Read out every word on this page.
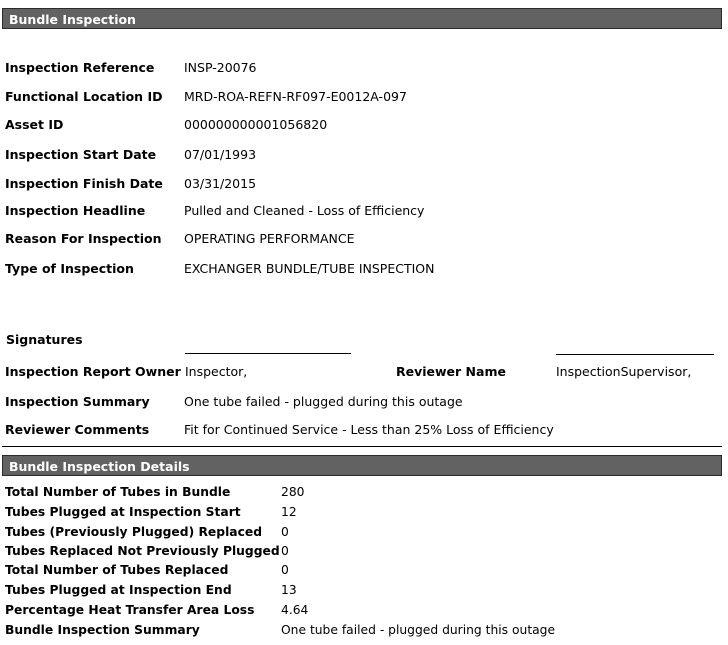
Bundle Inspection
Inspection Reference INSP-20076
Functional Location ID MRD-ROA-REFN-RF097-E0012A-097
Asset ID	000000000001056820
Inspection Start Date 07/01/1993
Inspection Finish Date 03/31/2015
Inspection Headline	Pulled and Cleaned - Loss of Efficiency
Reason For Inspection OPERATING PERFORMANCE
Type of Inspection	EXCHANGER BUNDLE/TUBE INSPECTION
Signatures
Inspection Report Owner Inspector,	Reviewer Name	InspectionSupervisor,
Inspection Summary	One tube failed - plugged during this outage
Reviewer Comments	Fit for Continued Service - Less than 25% Loss of Efficiency
Bundle Inspection Details
Total Number of Tubes in Bundle	280
Tubes Plugged at Inspection Start	12
Tubes (Previously Plugged) Replaced 0
Tubes Replaced Not Previously Plugged 0
Total Number of Tubes Replaced	0
Tubes Plugged at Inspection End	13
Percentage Heat Transfer Area Loss 4.64
Bundle Inspection Summary	One tube failed - plugged during this outage
